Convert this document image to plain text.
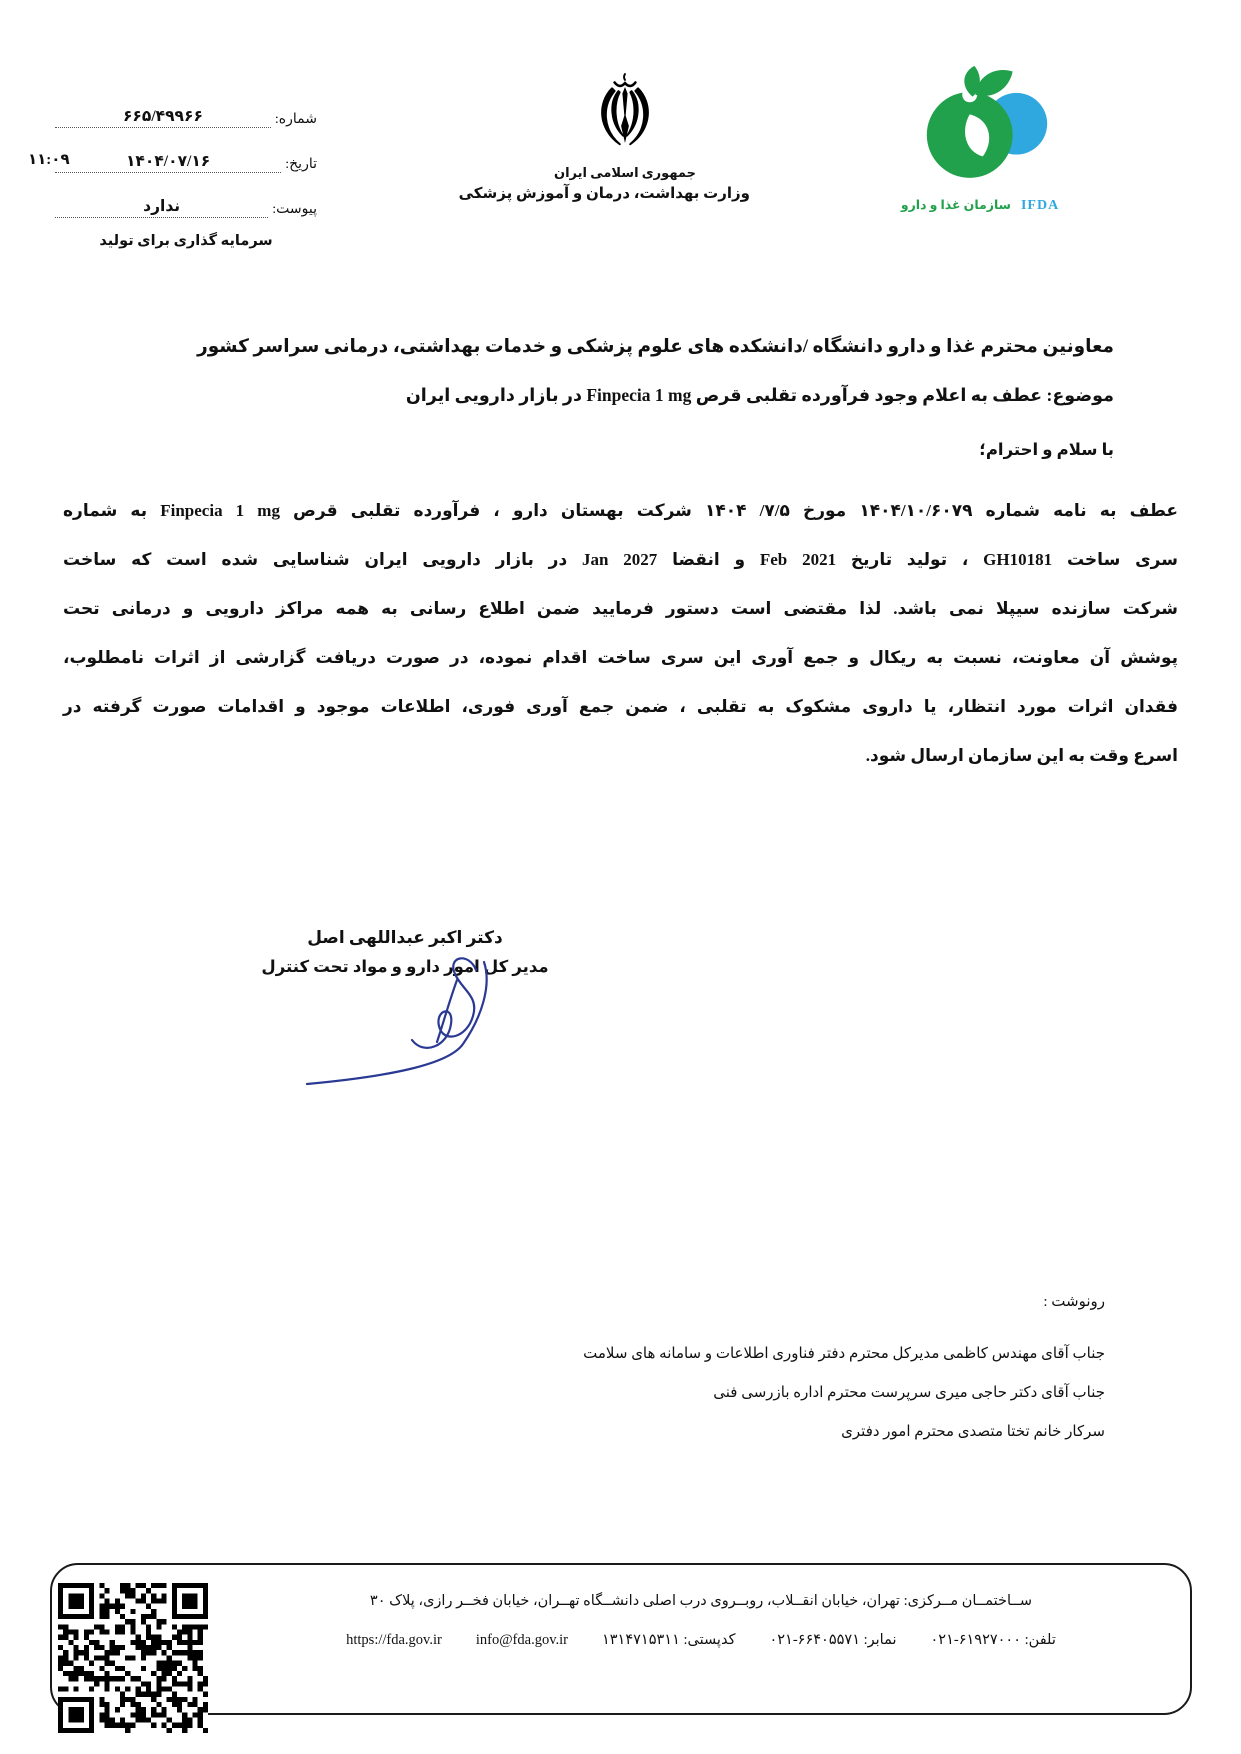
شماره:
۶۶۵/۴۹۹۶۶
تاریخ:
۱۴۰۴/۰۷/۱۶
پیوست:
ندارد
سرمایه گذاری برای تولید
۱۱:۰۹
جمهوری اسلامی ایران
وزارت بهداشت، درمان و آموزش پزشکی
سازمان غذا و دارو IFDA
معاونین محترم غذا و دارو دانشگاه /دانشکده های علوم پزشکی و خدمات بهداشتی، درمانی سراسر کشور
موضوع: عطف به اعلام وجود فرآورده تقلبی قرص Finpecia 1 mg در بازار دارویی ایران
با سلام و احترام؛
عطف به نامه شماره ۱۴۰۴/۱۰/۶۰۷۹ مورخ ۷/۵/ ۱۴۰۴ شرکت بهستان دارو ، فرآورده تقلبی قرص Finpecia 1 mg به شماره
سری ساخت GH10181 ، تولید تاریخ Feb 2021 و انقضا Jan 2027 در بازار دارویی ایران شناسایی شده است که ساخت
شرکت سازنده سیپلا نمی باشد. لذا مقتضی است دستور فرمایید ضمن اطلاع رسانی به همه مراکز دارویی و درمانی تحت
پوشش آن معاونت، نسبت به ریکال و جمع آوری این سری ساخت اقدام نموده، در صورت دریافت گزارشی از اثرات نامطلوب،
فقدان اثرات مورد انتظار، یا داروی مشکوک به تقلبی ، ضمن جمع آوری فوری، اطلاعات موجود و اقدامات صورت گرفته در
اسرع وقت به این سازمان ارسال شود.
دکتر اکبر عبداللهی اصل
مدیر کل امور دارو و مواد تحت کنترل
رونوشت :
جناب آقای مهندس کاظمی مدیرکل محترم دفتر فناوری اطلاعات و سامانه های سلامت
جناب آقای دکتر حاجی میری سرپرست محترم اداره بازرسی فنی
سرکار خانم تختا متصدی محترم امور دفتری
ســاختمــان مــرکزی: تهران، خیابان انقــلاب، روبــروی درب اصلی دانشــگاه تهــران، خیابان فخــر رازی، پلاک ۳۰
تلفن: ۰۲۱-۶۱۹۲۷۰۰۰
نمابر: ۰۲۱-۶۶۴۰۵۵۷۱
کدپستی: ۱۳۱۴۷۱۵۳۱۱
info@fda.gov.ir
https://fda.gov.ir
